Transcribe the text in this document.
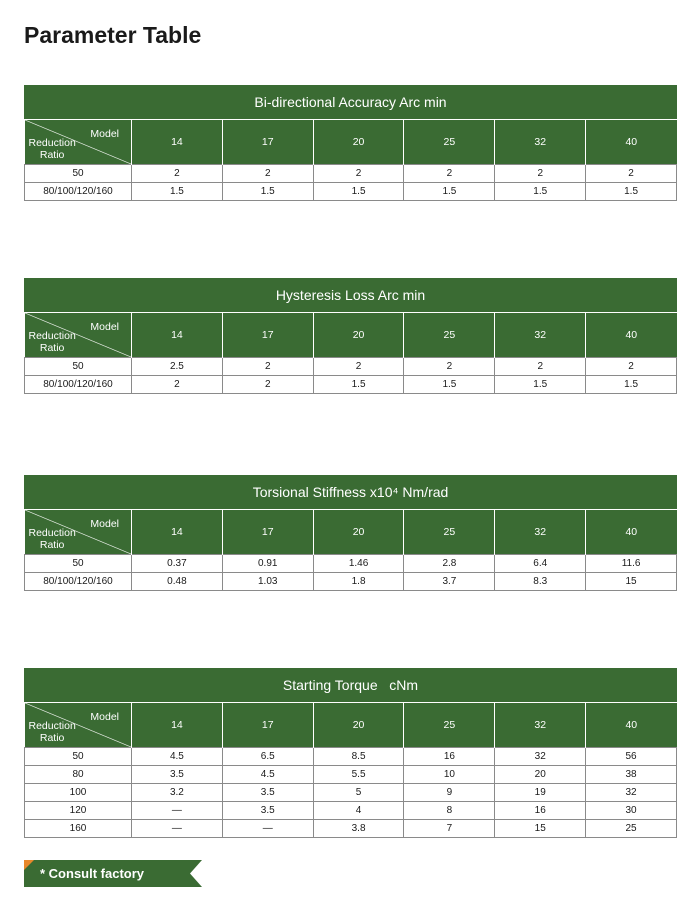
Parameter Table
Bi-directional Accuracy Arc min
Model
Reduction
Ratio	14	17	20	25	32	40
50	2	2	2	2	2	2
80/100/120/160	1.5	1.5	1.5	1.5	1.5	1.5
Hysteresis Loss Arc min
Model
Reduction
Ratio	14	17	20	25	32	40
50	2.5	2	2	2	2	2
80/100/120/160	2	2	1.5	1.5	1.5	1.5
Torsional Stiffness x10⁴ Nm/rad
Model
Reduction
Ratio	14	17	20	25	32	40
50	0.37	0.91	1.46	2.8	6.4	11.6
80/100/120/160	0.48	1.03	1.8	3.7	8.3	15
Starting Torque   cNm
Model
Reduction
Ratio	14	17	20	25	32	40
50	4.5	6.5	8.5	16	32	56
80	3.5	4.5	5.5	10	20	38
100	3.2	3.5	5	9	19	32
120	—	3.5	4	8	16	30
160	—	—	3.8	7	15	25
* Consult factory
